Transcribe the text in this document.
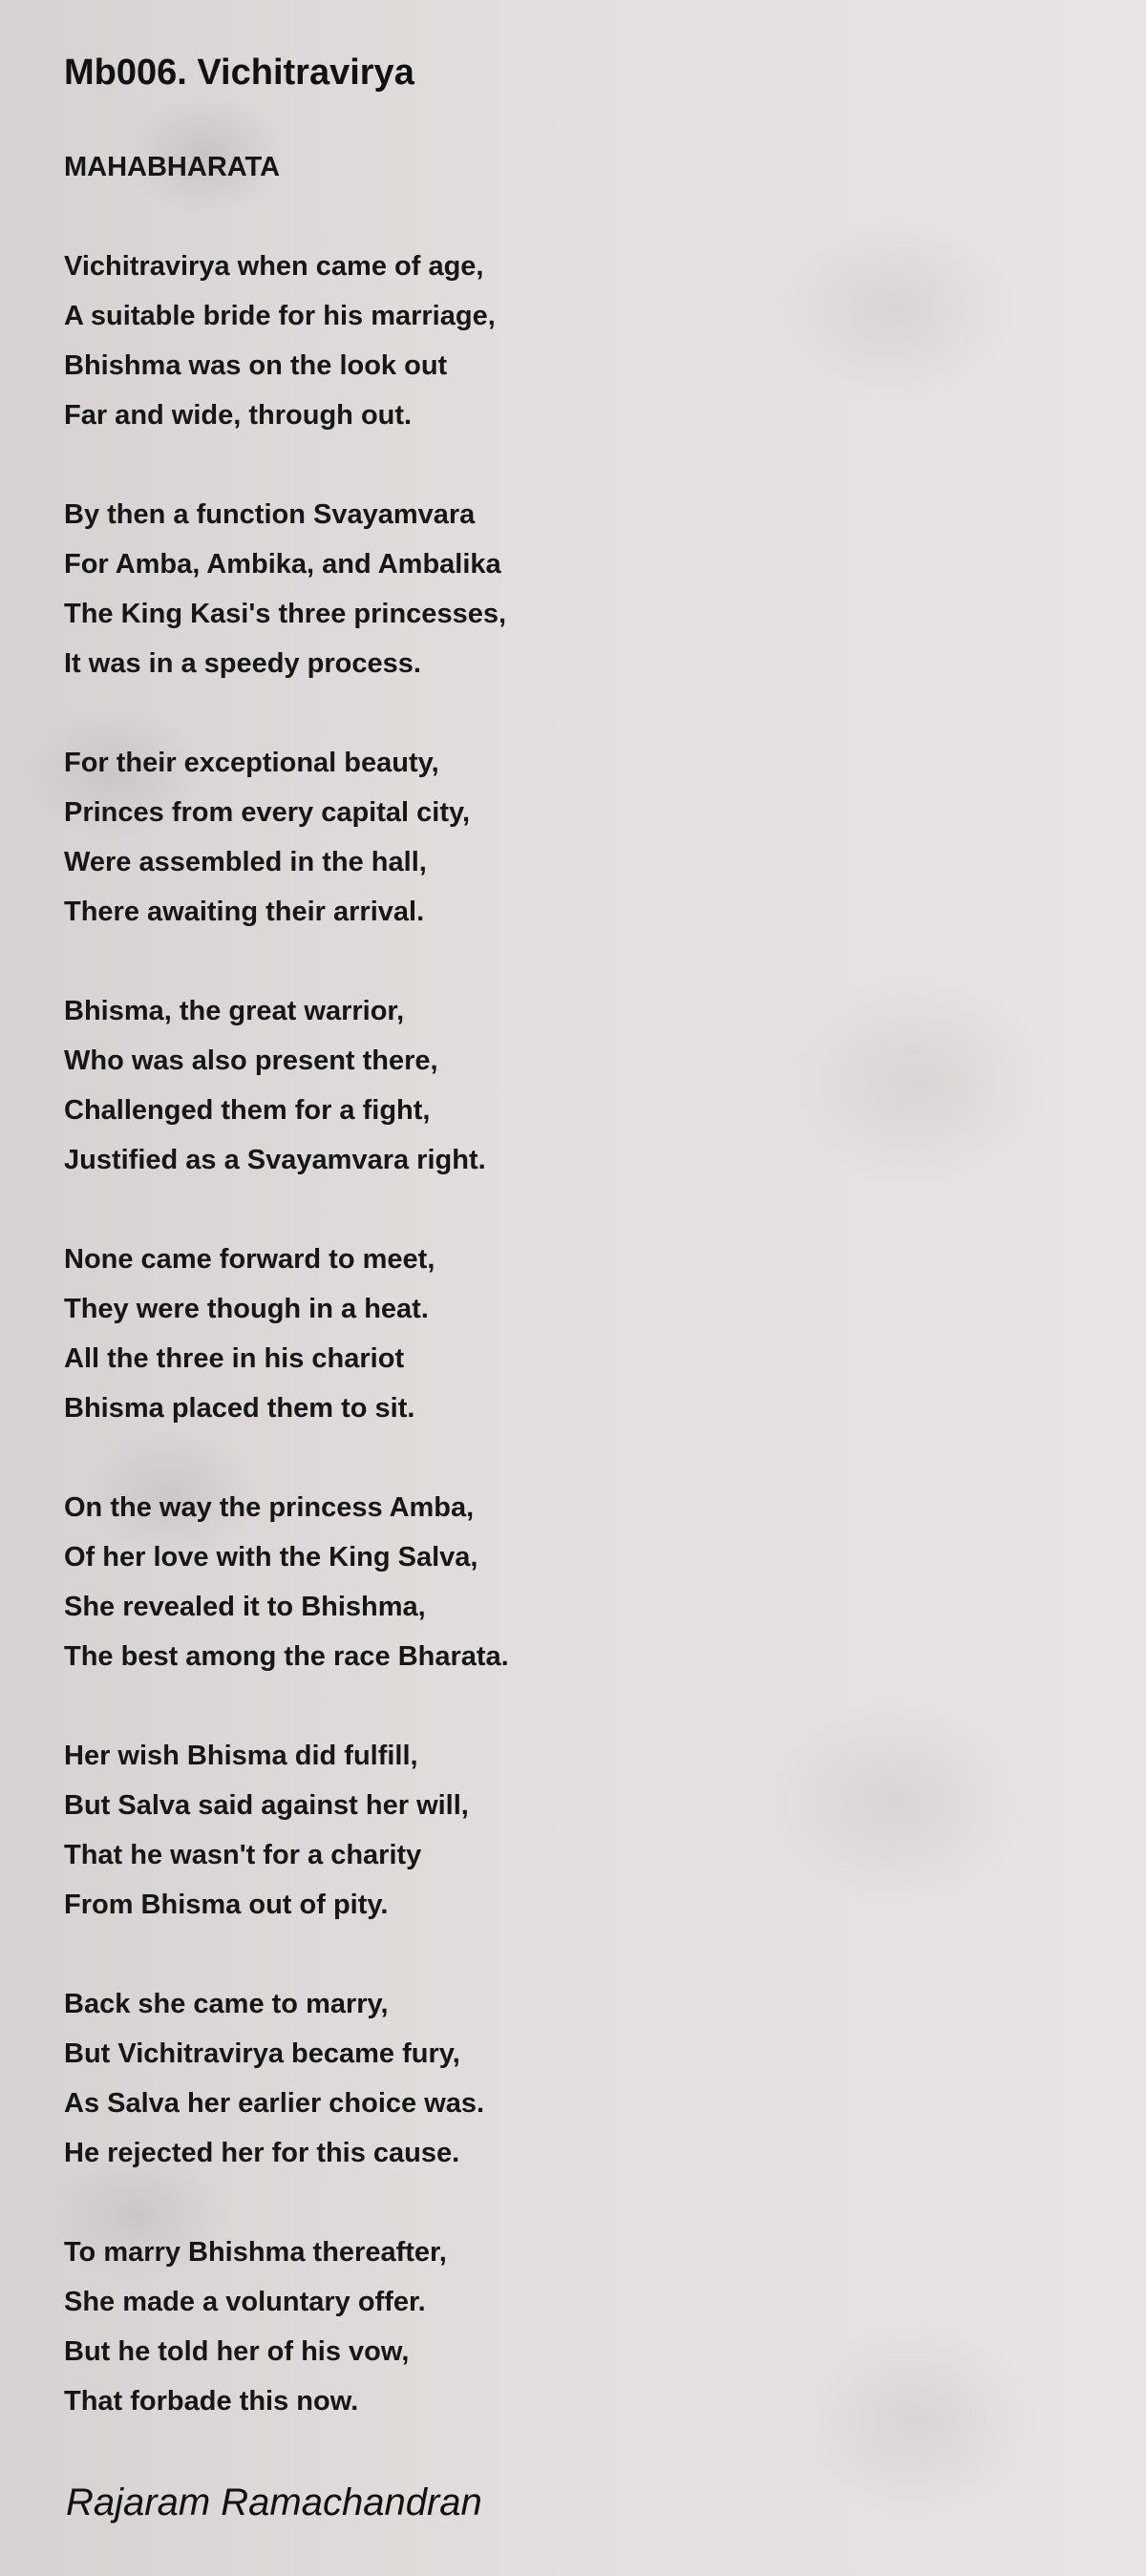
Mb006. Vichitravirya
MAHABHARATA
Vichitravirya when came of age,
A suitable bride for his marriage,
Bhishma was on the look out
Far and wide, through out.
By then a function Svayamvara
For Amba, Ambika, and Ambalika
The King Kasi's three princesses,
It was in a speedy process.
For their exceptional beauty,
Princes from every capital city,
Were assembled in the hall,
There awaiting their arrival.
Bhisma, the great warrior,
Who was also present there,
Challenged them for a fight,
Justified as a Svayamvara right.
None came forward to meet,
They were though in a heat.
All the three in his chariot
Bhisma placed them to sit.
On the way the princess Amba,
Of her love with the King Salva,
She revealed it to Bhishma,
The best among the race Bharata.
Her wish Bhisma did fulfill,
But Salva said against her will,
That he wasn't for a charity
From Bhisma out of pity.
Back she came to marry,
But Vichitravirya became fury,
As Salva her earlier choice was.
He rejected her for this cause.
To marry Bhishma thereafter,
She made a voluntary offer.
But he told her of his vow,
That forbade this now.
Rajaram Ramachandran
